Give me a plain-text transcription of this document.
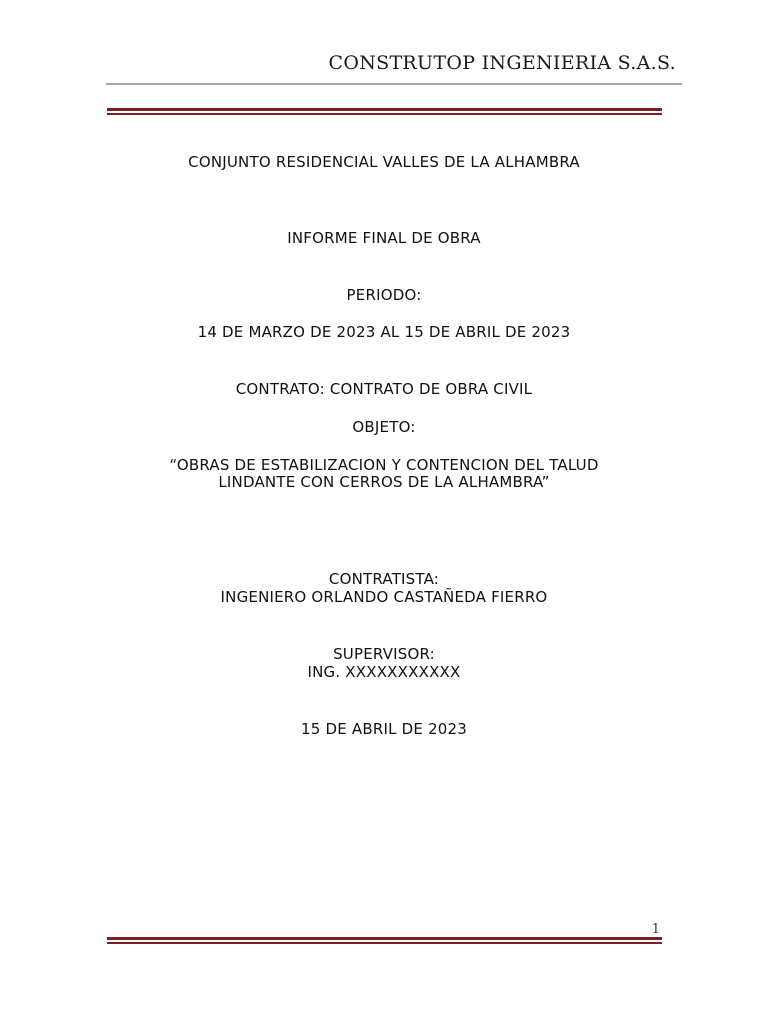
CONSTRUTOP INGENIERIA S.A.S.
CONJUNTO RESIDENCIAL VALLES DE LA ALHAMBRA
INFORME FINAL DE OBRA
PERIODO:
14 DE MARZO DE 2023 AL 15 DE ABRIL DE 2023
CONTRATO: CONTRATO DE OBRA CIVIL
OBJETO:
“OBRAS DE ESTABILIZACION Y CONTENCION DEL TALUD
LINDANTE CON CERROS DE LA ALHAMBRA”
CONTRATISTA:
INGENIERO ORLANDO CASTAÑEDA FIERRO
SUPERVISOR:
ING. XXXXXXXXXXX
15 DE ABRIL DE 2023
1
